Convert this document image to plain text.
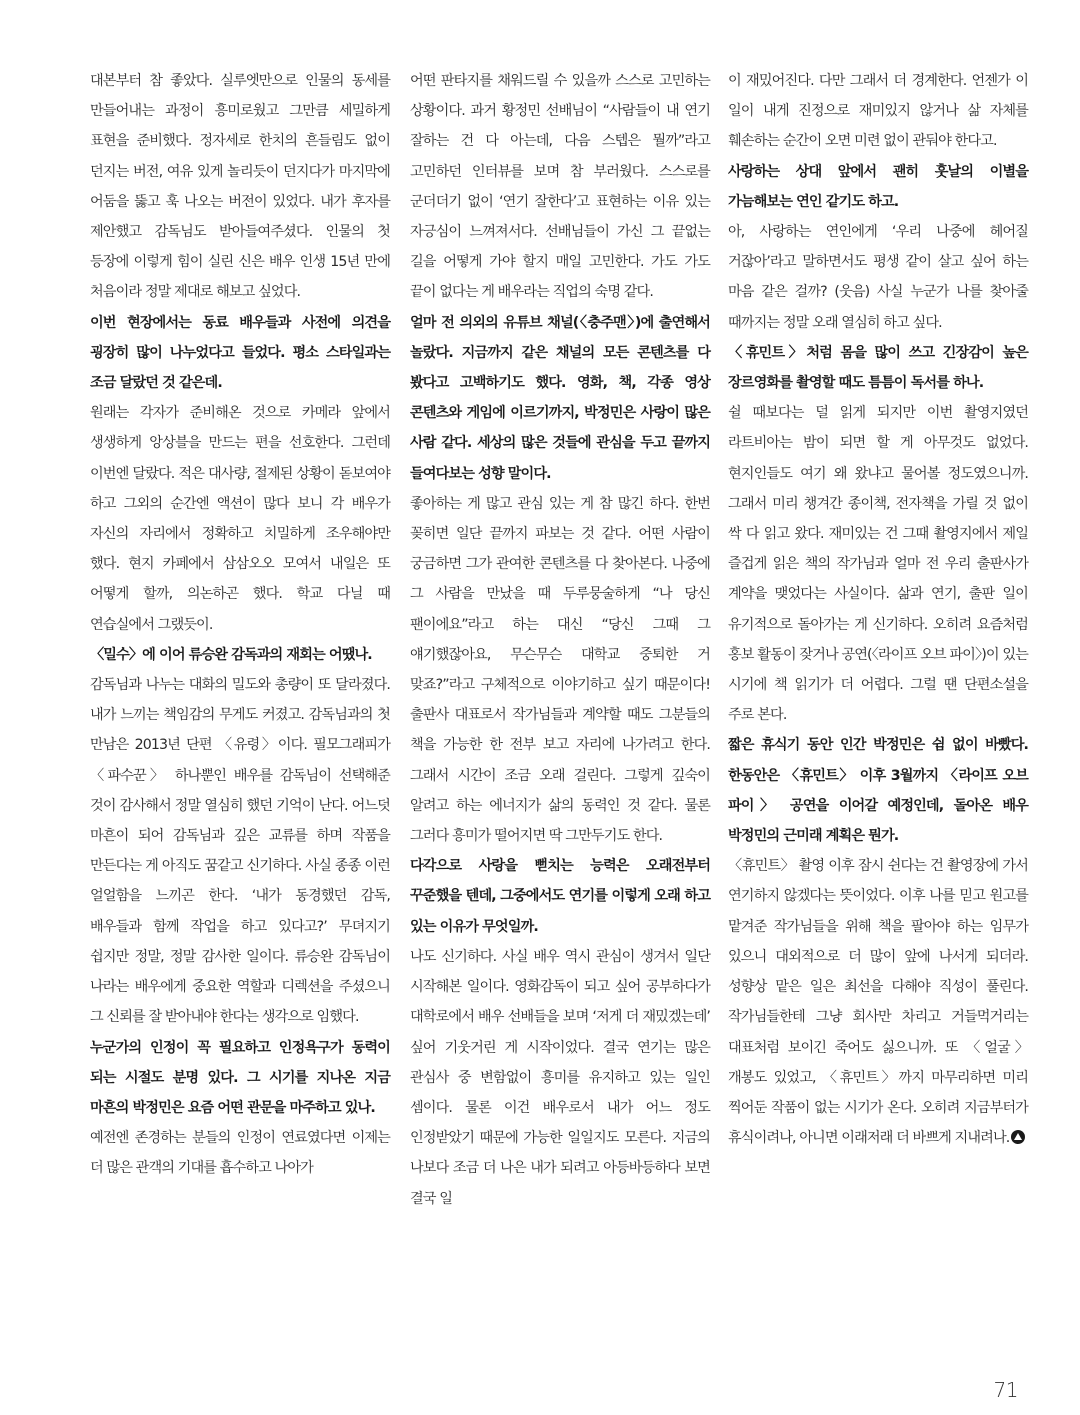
대본부터 참 좋았다. 실루엣만으로 인물의 동세를 만들어내는 과정이 흥미로웠고 그만큼 세밀하게 표현을 준비했다. 정자세로 한치의 흔들림도 없이 던지는 버전, 여유 있게 놀리듯이 던지다가 마지막에 어둠을 뚫고 훅 나오는 버전이 있었다. 내가 후자를 제안했고 감독님도 받아들여주셨다. 인물의 첫 등장에 이렇게 힘이 실린 신은 배우 인생 15년 만에 처음이라 정말 제대로 해보고 싶었다.

이번 현장에서는 동료 배우들과 사전에 의견을 굉장히 많이 나누었다고 들었다. 평소 스타일과는 조금 달랐던 것 같은데.

원래는 각자가 준비해온 것으로 카메라 앞에서 생생하게 앙상블을 만드는 편을 선호한다. 그런데 이번엔 달랐다. 적은 대사량, 절제된 상황이 돋보여야 하고 그외의 순간엔 액션이 많다 보니 각 배우가 자신의 자리에서 정확하고 치밀하게 조우해야만 했다. 현지 카페에서 삼삼오오 모여서 내일은 또 어떻게 할까, 의논하곤 했다. 학교 다닐 때 연습실에서 그랬듯이.

〈밀수〉에 이어 류승완 감독과의 재회는 어땠나.

감독님과 나누는 대화의 밀도와 총량이 또 달라졌다. 내가 느끼는 책임감의 무게도 커졌고. 감독님과의 첫 만남은 2013년 단편 〈유령〉이다. 필모그래피가 〈파수꾼〉 하나뿐인 배우를 감독님이 선택해준 것이 감사해서 정말 열심히 했던 기억이 난다. 어느덧 마흔이 되어 감독님과 깊은 교류를 하며 작품을 만든다는 게 아직도 꿈같고 신기하다. 사실 종종 이런 얼얼함을 느끼곤 한다. ‘내가 동경했던 감독, 배우들과 함께 작업을 하고 있다고?’ 무뎌지기 쉽지만 정말, 정말 감사한 일이다. 류승완 감독님이 나라는 배우에게 중요한 역할과 디렉션을 주셨으니 그 신뢰를 잘 받아내야 한다는 생각으로 임했다.

누군가의 인정이 꼭 필요하고 인정욕구가 동력이 되는 시절도 분명 있다. 그 시기를 지나온 지금 마흔의 박정민은 요즘 어떤 관문을 마주하고 있나.

예전엔 존경하는 분들의 인정이 연료였다면 이제는 더 많은 관객의 기대를 흡수하고 나아가

어떤 판타지를 채워드릴 수 있을까 스스로 고민하는 상황이다. 과거 황정민 선배님이 “사람들이 내 연기 잘하는 건 다 아는데, 다음 스텝은 뭘까”라고 고민하던 인터뷰를 보며 참 부러웠다. 스스로를 군더더기 없이 ‘연기 잘한다’고 표현하는 이유 있는 자긍심이 느껴져서다. 선배님들이 가신 그 끝없는 길을 어떻게 가야 할지 매일 고민한다. 가도 가도 끝이 없다는 게 배우라는 직업의 숙명 같다.

얼마 전 의외의 유튜브 채널(〈충주맨〉)에 출연해서 놀랐다. 지금까지 같은 채널의 모든 콘텐츠를 다 봤다고 고백하기도 했다. 영화, 책, 각종 영상 콘텐츠와 게임에 이르기까지, 박정민은 사랑이 많은 사람 같다. 세상의 많은 것들에 관심을 두고 끝까지 들여다보는 성향 말이다.

좋아하는 게 많고 관심 있는 게 참 많긴 하다. 한번 꽂히면 일단 끝까지 파보는 것 같다. 어떤 사람이 궁금하면 그가 관여한 콘텐츠를 다 찾아본다. 나중에 그 사람을 만났을 때 두루뭉술하게 “나 당신 팬이에요”라고 하는 대신 “당신 그때 그 얘기했잖아요, 무슨무슨 대학교 중퇴한 거 맞죠?”라고 구체적으로 이야기하고 싶기 때문이다! 출판사 대표로서 작가님들과 계약할 때도 그분들의 책을 가능한 한 전부 보고 자리에 나가려고 한다. 그래서 시간이 조금 오래 걸린다. 그렇게 깊숙이 알려고 하는 에너지가 삶의 동력인 것 같다. 물론 그러다 흥미가 떨어지면 딱 그만두기도 한다.

다각으로 사랑을 뻗치는 능력은 오래전부터 꾸준했을 텐데, 그중에서도 연기를 이렇게 오래 하고 있는 이유가 무엇일까.

나도 신기하다. 사실 배우 역시 관심이 생겨서 일단 시작해본 일이다. 영화감독이 되고 싶어 공부하다가 대학로에서 배우 선배들을 보며 ‘저게 더 재밌겠는데’ 싶어 기웃거린 게 시작이었다. 결국 연기는 많은 관심사 중 변함없이 흥미를 유지하고 있는 일인 셈이다. 물론 이건 배우로서 내가 어느 정도 인정받았기 때문에 가능한 일일지도 모른다. 지금의 나보다 조금 더 나은 내가 되려고 아등바등하다 보면 결국 일

이 재밌어진다. 다만 그래서 더 경계한다. 언젠가 이 일이 내게 진정으로 재미있지 않거나 삶 자체를 훼손하는 순간이 오면 미련 없이 관둬야 한다고.

사랑하는 상대 앞에서 괜히 훗날의 이별을 가늠해보는 연인 같기도 하고.

아, 사랑하는 연인에게 ‘우리 나중에 헤어질 거잖아’라고 말하면서도 평생 같이 살고 싶어 하는 마음 같은 걸까? (웃음) 사실 누군가 나를 찾아줄 때까지는 정말 오래 열심히 하고 싶다.

〈휴민트〉처럼 몸을 많이 쓰고 긴장감이 높은 장르영화를 촬영할 때도 틈틈이 독서를 하나.

쉴 때보다는 덜 읽게 되지만 이번 촬영지였던 라트비아는 밤이 되면 할 게 아무것도 없었다. 현지인들도 여기 왜 왔냐고 물어볼 정도였으니까. 그래서 미리 챙겨간 종이책, 전자책을 가릴 것 없이 싹 다 읽고 왔다. 재미있는 건 그때 촬영지에서 제일 즐겁게 읽은 책의 작가님과 얼마 전 우리 출판사가 계약을 맺었다는 사실이다. 삶과 연기, 출판 일이 유기적으로 돌아가는 게 신기하다. 오히려 요즘처럼 홍보 활동이 잦거나 공연(〈라이프 오브 파이〉)이 있는 시기에 책 읽기가 더 어렵다. 그럴 땐 단편소설을 주로 본다.

짧은 휴식기 동안 인간 박정민은 쉼 없이 바빴다. 한동안은 〈휴민트〉 이후 3월까지 〈라이프 오브 파이〉 공연을 이어갈 예정인데, 돌아온 배우 박정민의 근미래 계획은 뭔가.

〈휴민트〉 촬영 이후 잠시 쉰다는 건 촬영장에 가서 연기하지 않겠다는 뜻이었다. 이후 나를 믿고 원고를 맡겨준 작가님들을 위해 책을 팔아야 하는 임무가 있으니 대외적으로 더 많이 앞에 나서게 되더라. 성향상 맡은 일은 최선을 다해야 직성이 풀린다. 작가님들한테 그냥 회사만 차리고 거들먹거리는 대표처럼 보이긴 죽어도 싫으니까. 또 〈얼굴〉 개봉도 있었고, 〈휴민트〉까지 마무리하면 미리 찍어둔 작품이 없는 시기가 온다. 오히려 지금부터가 휴식이려나, 아니면 이래저래 더 바쁘게 지내려나.

71
